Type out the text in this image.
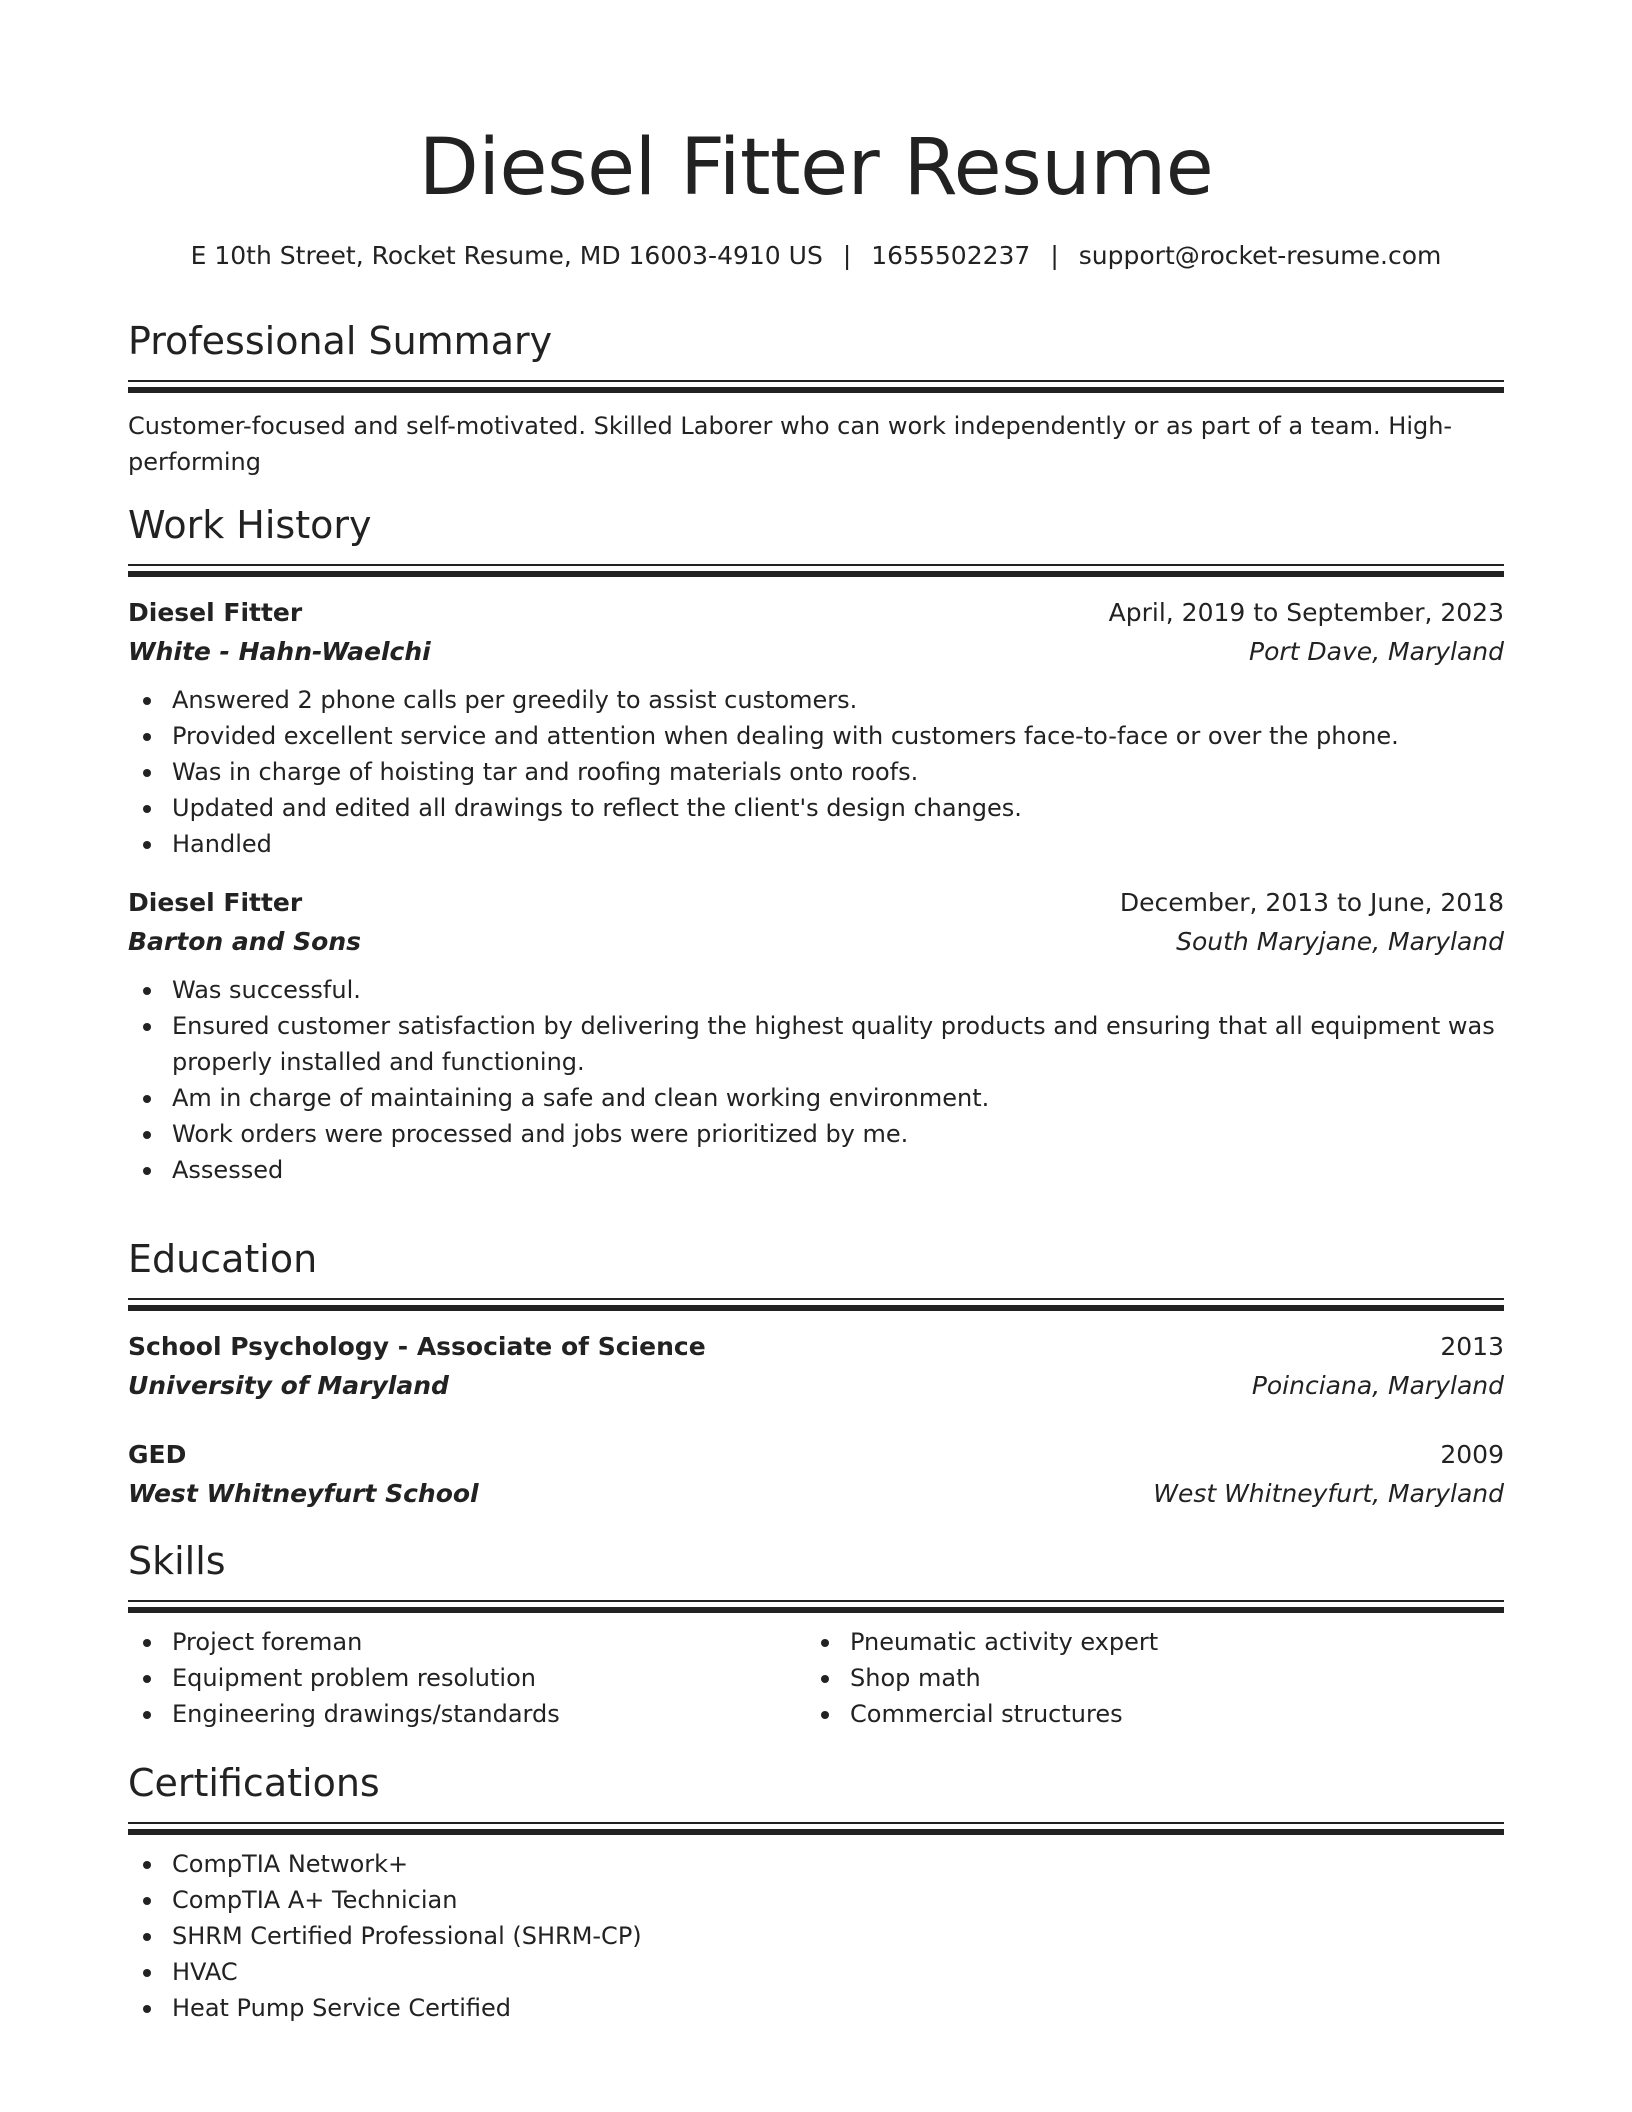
Diesel Fitter Resume
E 10th Street, Rocket Resume, MD 16003-4910 US | 1655502237 | support@rocket-resume.com
Professional Summary

Customer-focused and self-motivated. Skilled Laborer who can work independently or as part of a team. High-performing

Work History
Diesel Fitter	April, 2019 to September, 2023
White - Hahn-Waelchi	Port Dave, Maryland
Answered 2 phone calls per greedily to assist customers.
Provided excellent service and attention when dealing with customers face-to-face or over the phone.
Was in charge of hoisting tar and roofing materials onto roofs.
Updated and edited all drawings to reflect the client's design changes.
Handled
Diesel Fitter	December, 2013 to June, 2018
Barton and Sons	South Maryjane, Maryland
Was successful.
Ensured customer satisfaction by delivering the highest quality products and ensuring that all equipment was properly installed and functioning.
Am in charge of maintaining a safe and clean working environment.
Work orders were processed and jobs were prioritized by me.
Assessed
Education
School Psychology - Associate of Science	2013
University of Maryland	Poinciana, Maryland
GED	2009
West Whitneyfurt School	West Whitneyfurt, Maryland
Skills
Project foreman
Equipment problem resolution
Engineering drawings/standards
Pneumatic activity expert
Shop math
Commercial structures
Certifications
CompTIA Network+
CompTIA A+ Technician
SHRM Certified Professional (SHRM-CP)
HVAC
Heat Pump Service Certified
